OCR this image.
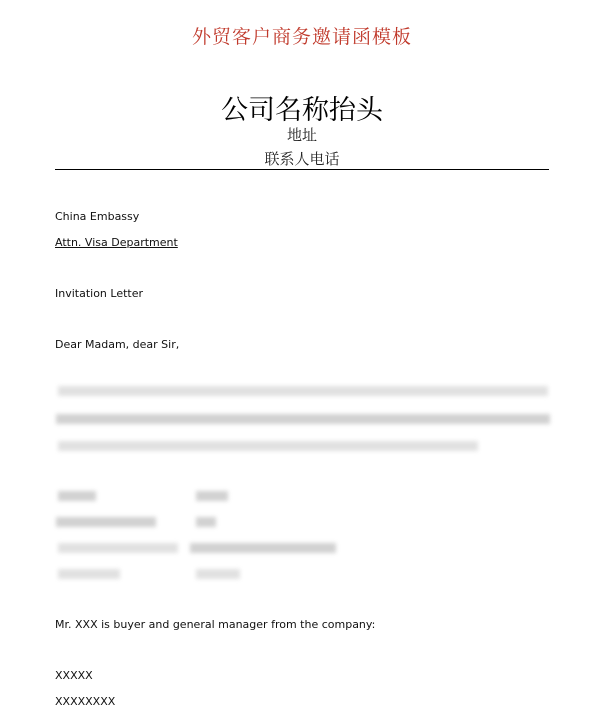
外贸客户商务邀请函模板
公司名称抬头
地址
联系人电话
China Embassy
Attn. Visa Department
Invitation Letter
Dear Madam, dear Sir,
Mr. XXX is buyer and general manager from the company:
XXXXX
XXXXXXXX
